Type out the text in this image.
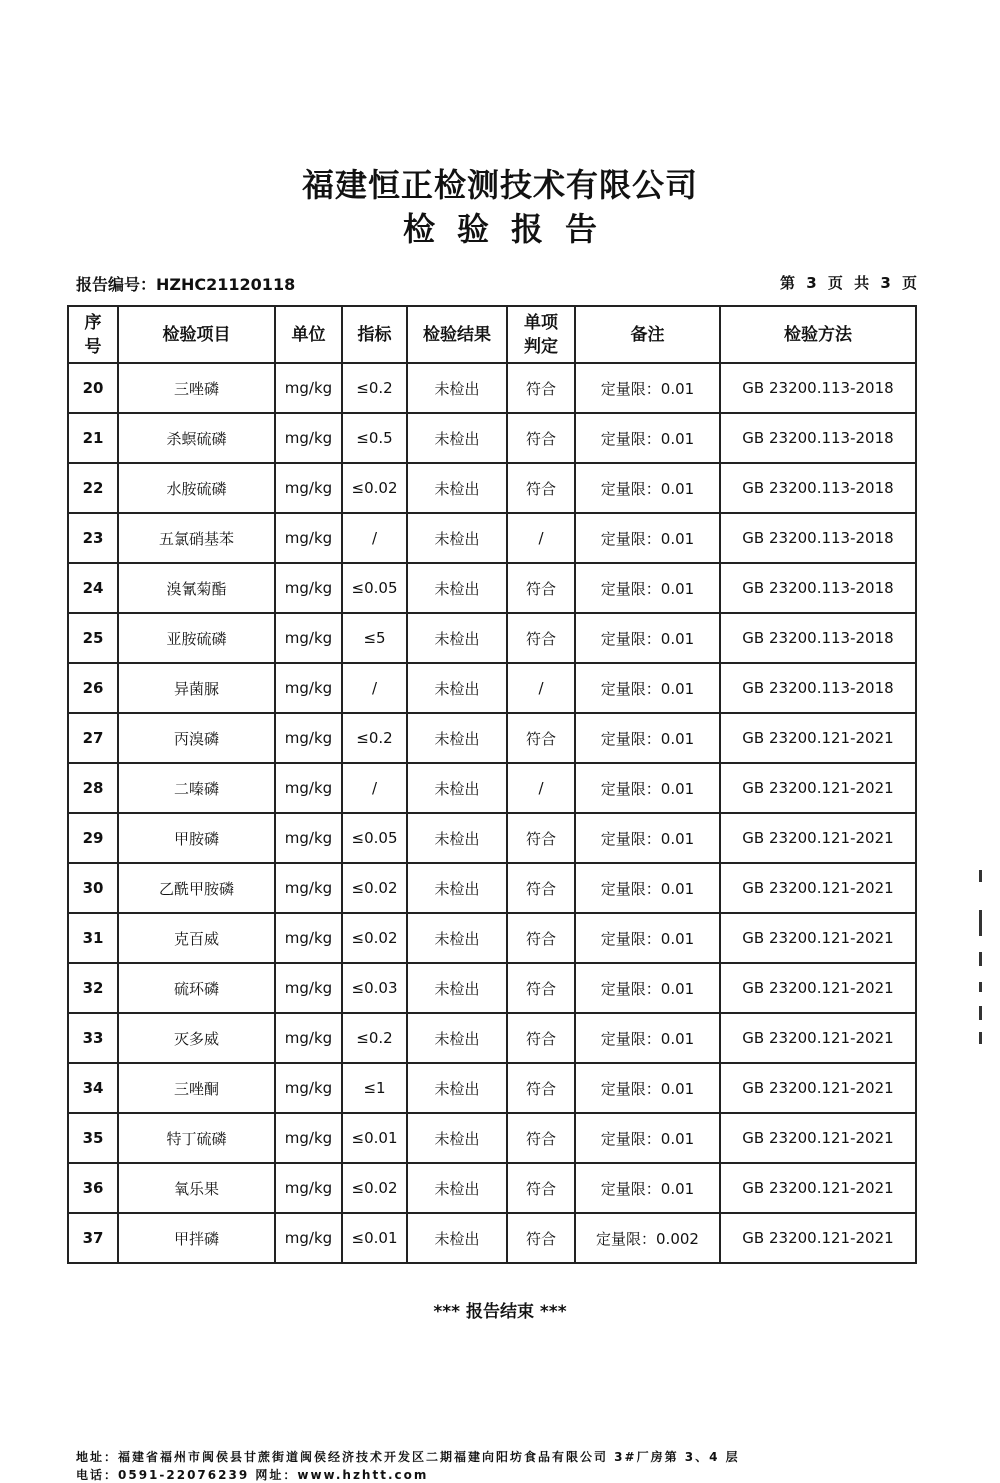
福建恒正检测技术有限公司
检验报告
报告编号：HZHC21120118	第 3 页 共 3 页
序号	检验项目	单位	指标	检验结果	单项判定	备注	检验方法
20	三唑磷	mg/kg	≤0.2	未检出	符合	定量限：0.01	GB 23200.113-2018
21	杀螟硫磷	mg/kg	≤0.5	未检出	符合	定量限：0.01	GB 23200.113-2018
22	水胺硫磷	mg/kg	≤0.02	未检出	符合	定量限：0.01	GB 23200.113-2018
23	五氯硝基苯	mg/kg	/	未检出	/	定量限：0.01	GB 23200.113-2018
24	溴氰菊酯	mg/kg	≤0.05	未检出	符合	定量限：0.01	GB 23200.113-2018
25	亚胺硫磷	mg/kg	≤5	未检出	符合	定量限：0.01	GB 23200.113-2018
26	异菌脲	mg/kg	/	未检出	/	定量限：0.01	GB 23200.113-2018
27	丙溴磷	mg/kg	≤0.2	未检出	符合	定量限：0.01	GB 23200.121-2021
28	二嗪磷	mg/kg	/	未检出	/	定量限：0.01	GB 23200.121-2021
29	甲胺磷	mg/kg	≤0.05	未检出	符合	定量限：0.01	GB 23200.121-2021
30	乙酰甲胺磷	mg/kg	≤0.02	未检出	符合	定量限：0.01	GB 23200.121-2021
31	克百威	mg/kg	≤0.02	未检出	符合	定量限：0.01	GB 23200.121-2021
32	硫环磷	mg/kg	≤0.03	未检出	符合	定量限：0.01	GB 23200.121-2021
33	灭多威	mg/kg	≤0.2	未检出	符合	定量限：0.01	GB 23200.121-2021
34	三唑酮	mg/kg	≤1	未检出	符合	定量限：0.01	GB 23200.121-2021
35	特丁硫磷	mg/kg	≤0.01	未检出	符合	定量限：0.01	GB 23200.121-2021
36	氧乐果	mg/kg	≤0.02	未检出	符合	定量限：0.01	GB 23200.121-2021
37	甲拌磷	mg/kg	≤0.01	未检出	符合	定量限：0.002	GB 23200.121-2021
*** 报告结束 ***
地址：福建省福州市闽侯县甘蔗街道闽侯经济技术开发区二期福建向阳坊食品有限公司 3#厂房第 3、4 层
电话：0591-22076239 网址：www.hzhtt.com
